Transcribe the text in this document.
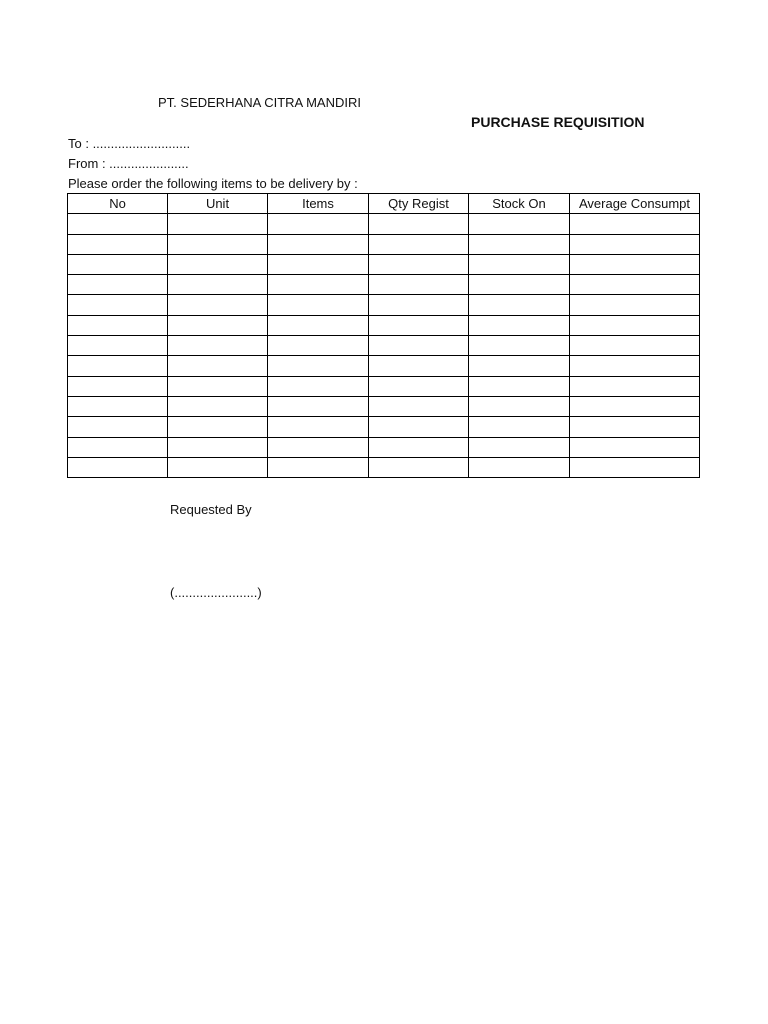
PT. SEDERHANA CITRA MANDIRI
PURCHASE REQUISITION
To : ...........................
From : ......................
Please order the following items to be delivery by :
No	Unit	Items	Qty Regist	Stock On	Average Consumpt

Requested By
(.......................)
